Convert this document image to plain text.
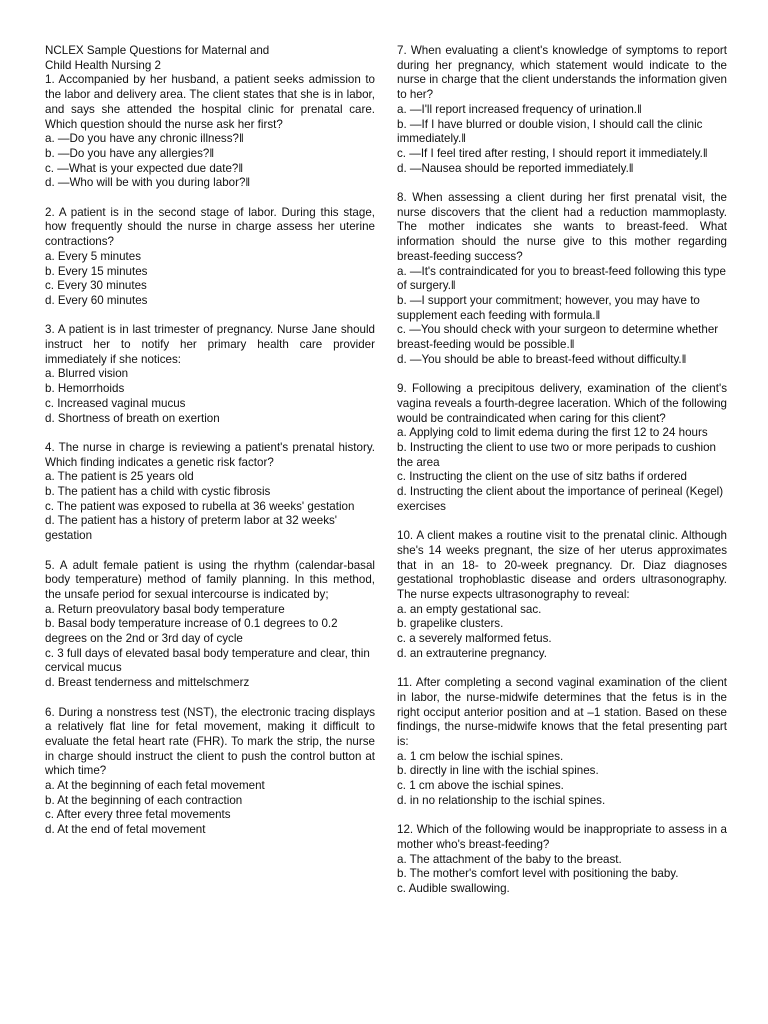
NCLEX Sample Questions for Maternal and

Child Health Nursing 2

1. Accompanied by her husband, a patient seeks admission to the labor and delivery area. The client states that she is in labor, and says she attended the hospital clinic for prenatal care. Which question should the nurse ask her first?

a. —Do you have any chronic illness?‖

b. —Do you have any allergies?‖

c. —What is your expected due date?‖

d. —Who will be with you during labor?‖

2. A patient is in the second stage of labor. During this stage, how frequently should the nurse in charge assess her uterine contractions?

a. Every 5 minutes

b. Every 15 minutes

c. Every 30 minutes

d. Every 60 minutes

3. A patient is in last trimester of pregnancy. Nurse Jane should instruct her to notify her primary health care provider immediately if she notices:

a. Blurred vision

b. Hemorrhoids

c. Increased vaginal mucus

d. Shortness of breath on exertion

4. The nurse in charge is reviewing a patient's prenatal history. Which finding indicates a genetic risk factor?

a. The patient is 25 years old

b. The patient has a child with cystic fibrosis

c. The patient was exposed to rubella at 36 weeks' gestation

d. The patient has a history of preterm labor at 32 weeks' gestation

5. A adult female patient is using the rhythm (calendar-basal body temperature) method of family planning. In this method, the unsafe period for sexual intercourse is indicated by;

a. Return preovulatory basal body temperature

b. Basal body temperature increase of 0.1 degrees to 0.2 degrees on the 2nd or 3rd day of cycle

c. 3 full days of elevated basal body temperature and clear, thin cervical mucus

d. Breast tenderness and mittelschmerz

6. During a nonstress test (NST), the electronic tracing displays a relatively flat line for fetal movement, making it difficult to evaluate the fetal heart rate (FHR). To mark the strip, the nurse in charge should instruct the client to push the control button at which time?

a. At the beginning of each fetal movement

b. At the beginning of each contraction

c. After every three fetal movements

d. At the end of fetal movement

7. When evaluating a client's knowledge of symptoms to report during her pregnancy, which statement would indicate to the nurse in charge that the client understands the information given to her?

a. —I'll report increased frequency of urination.‖

b. —If I have blurred or double vision, I should call the clinic immediately.‖

c. —If I feel tired after resting, I should report it immediately.‖

d. —Nausea should be reported immediately.‖

8. When assessing a client during her first prenatal visit, the nurse discovers that the client had a reduction mammoplasty. The mother indicates she wants to breast-feed. What information should the nurse give to this mother regarding breast-feeding success?

a. —It's contraindicated for you to breast-feed following this type of surgery.‖

b. —I support your commitment; however, you may have to supplement each feeding with formula.‖

c. —You should check with your surgeon to determine whether breast-feeding would be possible.‖

d. —You should be able to breast-feed without difficulty.‖

9. Following a precipitous delivery, examination of the client's vagina reveals a fourth-degree laceration. Which of the following would be contraindicated when caring for this client?

a. Applying cold to limit edema during the first 12 to 24 hours

b. Instructing the client to use two or more peripads to cushion the area

c. Instructing the client on the use of sitz baths if ordered

d. Instructing the client about the importance of perineal (Kegel) exercises

10. A client makes a routine visit to the prenatal clinic. Although she's 14 weeks pregnant, the size of her uterus approximates that in an 18- to 20-week pregnancy. Dr. Diaz diagnoses gestational trophoblastic disease and orders ultrasonography. The nurse expects ultrasonography to reveal:

a. an empty gestational sac.

b. grapelike clusters.

c. a severely malformed fetus.

d. an extrauterine pregnancy.

11. After completing a second vaginal examination of the client in labor, the nurse-midwife determines that the fetus is in the right occiput anterior position and at –1 station. Based on these findings, the nurse-midwife knows that the fetal presenting part is:

a. 1 cm below the ischial spines.

b. directly in line with the ischial spines.

c. 1 cm above the ischial spines.

d. in no relationship to the ischial spines.

12. Which of the following would be inappropriate to assess in a mother who's breast-feeding?

a. The attachment of the baby to the breast.

b. The mother's comfort level with positioning the baby.

c. Audible swallowing.
